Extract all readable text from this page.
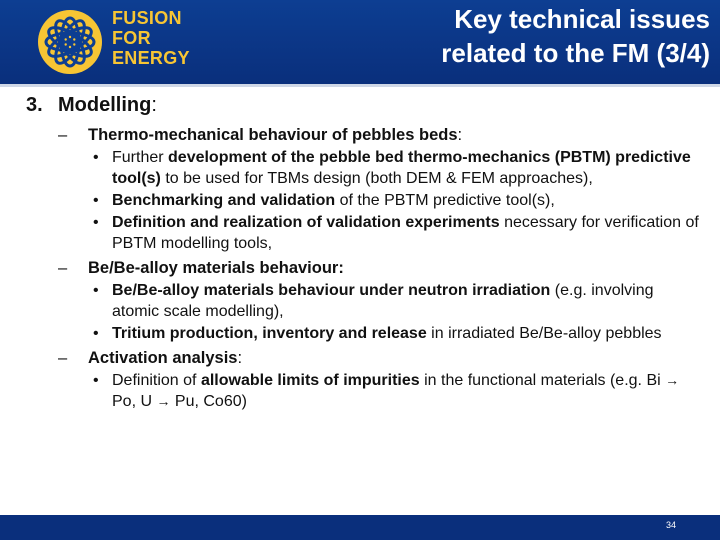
FUSION
FOR
ENERGY
Key technical issues
related to the FM (3/4)
3. Modelling:
– Thermo-mechanical behaviour of pebbles beds:
• Further development of the pebble bed thermo-mechanics (PBTM) predictive tool(s) to be used for TBMs design (both DEM & FEM approaches),
• Benchmarking and validation of the PBTM predictive tool(s),
• Definition and realization of validation experiments necessary for verification of PBTM modelling tools,
– Be/Be-alloy materials behaviour:
• Be/Be-alloy materials behaviour under neutron irradiation (e.g. involving atomic scale modelling),
• Tritium production, inventory and release in irradiated Be/Be-alloy pebbles
– Activation analysis:
• Definition of allowable limits of impurities in the functional materials (e.g. Bi → Po, U → Pu, Co60)
34
